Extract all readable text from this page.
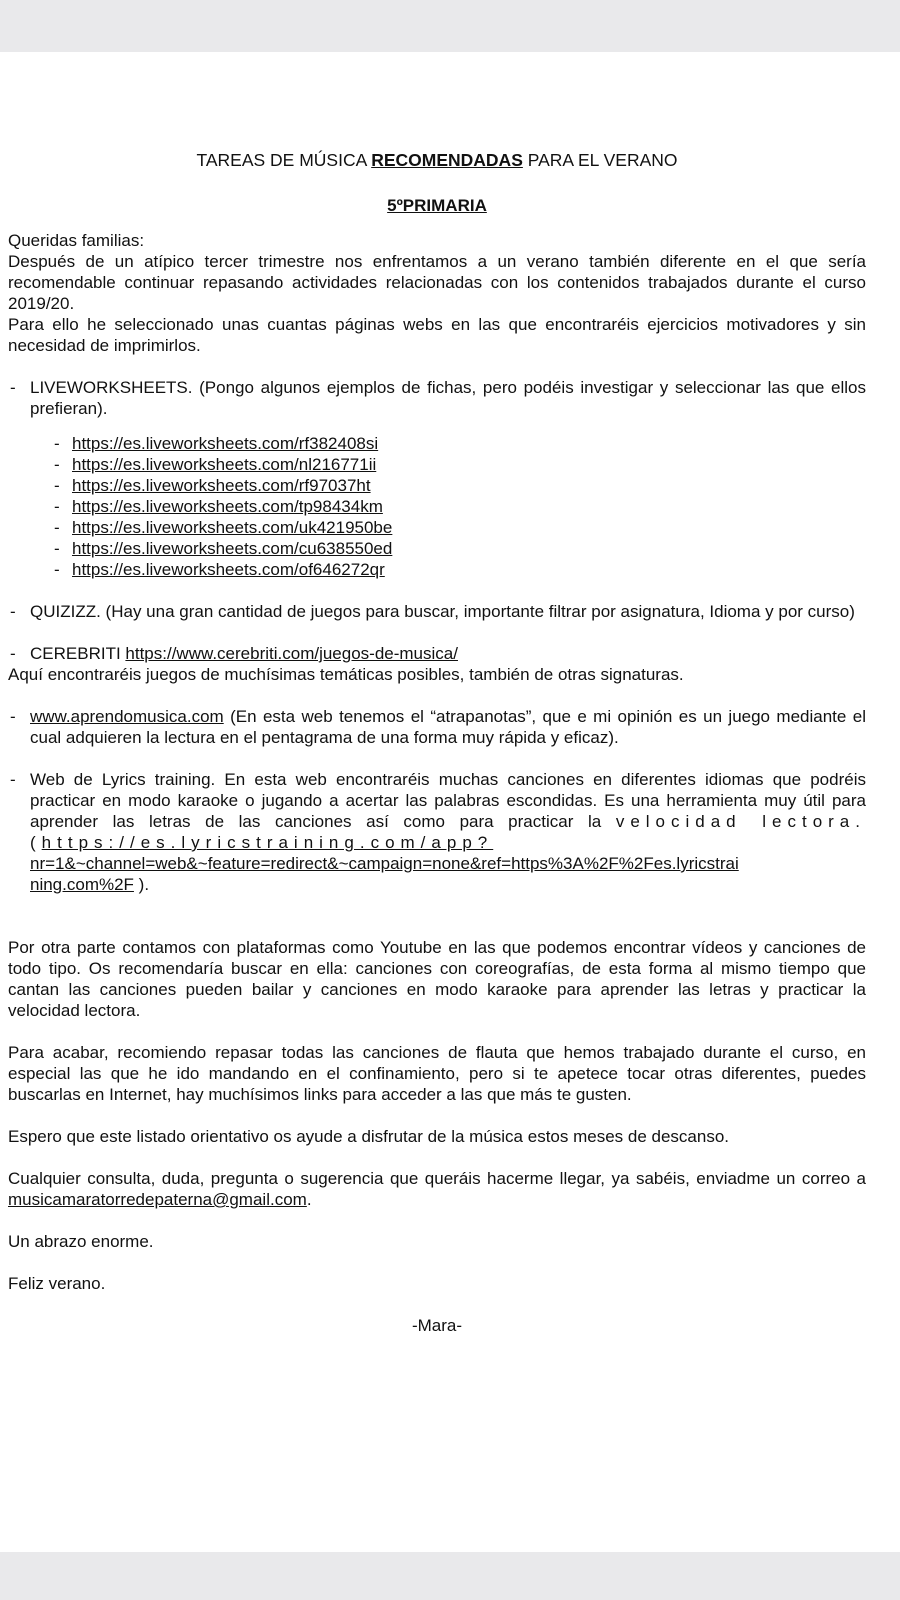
TAREAS DE MÚSICA RECOMENDADAS PARA EL VERANO
5ºPRIMARIA

Queridas familias:

Después de un atípico tercer trimestre nos enfrentamos a un verano también diferente en el que sería recomendable continuar repasando actividades relacionadas con los contenidos trabajados durante el curso 2019/20.

Para ello he seleccionado unas cuantas páginas webs en las que encontraréis ejercicios motivadores y sin necesidad de imprimirlos.

- LIVEWORKSHEETS. (Pongo algunos ejemplos de fichas, pero podéis investigar y seleccionar las que ellos prefieran).
- https://es.liveworksheets.com/rf382408si
- https://es.liveworksheets.com/nl216771ii
- https://es.liveworksheets.com/rf97037ht
- https://es.liveworksheets.com/tp98434km
- https://es.liveworksheets.com/uk421950be
- https://es.liveworksheets.com/cu638550ed
- https://es.liveworksheets.com/of646272qr
- QUIZIZZ. (Hay una gran cantidad de juegos para buscar, importante filtrar por asignatura, Idioma y por curso)
- CEREBRITI https://www.cerebriti.com/juegos-de-musica/

Aquí encontraréis juegos de muchísimas temáticas posibles, también de otras signaturas.

- www.aprendomusica.com (En esta web tenemos el “atrapanotas”, que e mi opinión es un juego mediante el cual adquieren la lectura en el pentagrama de una forma muy rápida y eficaz).
- Web de Lyrics training. En esta web encontraréis muchas canciones en diferentes idiomas que podréis practicar en modo karaoke o jugando a acertar las palabras escondidas. Es una herramienta muy útil para aprender las letras de las canciones así como para practicar la velocidad lectora. (https://es.lyricstraining.com/app?
nr=1&~channel=web&~feature=redirect&~campaign=none&ref=https%3A%2F%2Fes.lyricstrai
ning.com%2F ).

Por otra parte contamos con plataformas como Youtube en las que podemos encontrar vídeos y canciones de todo tipo. Os recomendaría buscar en ella: canciones con coreografías, de esta forma al mismo tiempo que cantan las canciones pueden bailar y canciones en modo karaoke para aprender las letras y practicar la velocidad lectora.

Para acabar, recomiendo repasar todas las canciones de flauta que hemos trabajado durante el curso, en especial las que he ido mandando en el confinamiento, pero si te apetece tocar otras diferentes, puedes buscarlas en Internet, hay muchísimos links para acceder a las que más te gusten.

Espero que este listado orientativo os ayude a disfrutar de la música estos meses de descanso.

Cualquier consulta, duda, pregunta o sugerencia que queráis hacerme llegar, ya sabéis, enviadme un correo a musicamaratorredepaterna@gmail.com.

Un abrazo enorme.

Feliz verano.

-Mara-
